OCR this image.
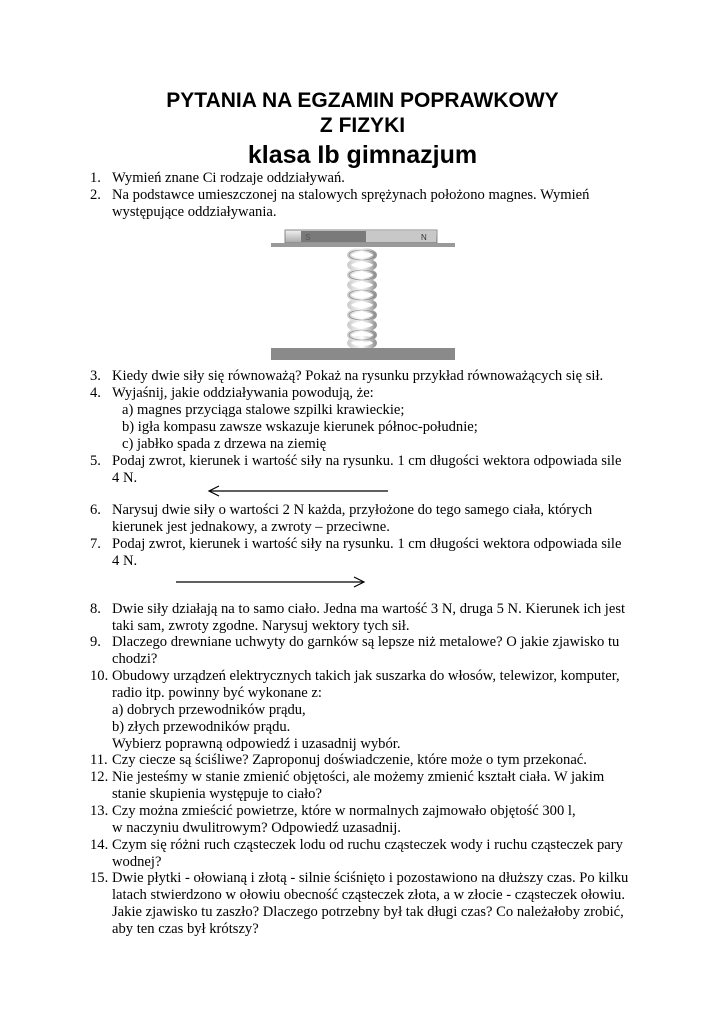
PYTANIA NA EGZAMIN POPRAWKOWY
Z FIZYKI
klasa Ib gimnazjum
1. Wymień znane Ci rodzaje oddziaływań.
2. Na podstawce umieszczonej na stalowych sprężynach położono magnes. Wymień
występujące oddziaływania.
S	N
3. Kiedy dwie siły się równoważą? Pokaż na rysunku przykład równoważących się sił.
4. Wyjaśnij, jakie oddziaływania powodują, że:
a) magnes przyciąga stalowe szpilki krawieckie;
b) igła kompasu zawsze wskazuje kierunek północ-południe;
c) jabłko spada z drzewa na ziemię
5. Podaj zwrot, kierunek i wartość siły na rysunku. 1 cm długości wektora odpowiada sile
4 N.
6. Narysuj dwie siły o wartości 2 N każda, przyłożone do tego samego ciała, których
kierunek jest jednakowy, a zwroty – przeciwne.
7. Podaj zwrot, kierunek i wartość siły na rysunku. 1 cm długości wektora odpowiada sile
4 N.
8. Dwie siły działają na to samo ciało. Jedna ma wartość 3 N, druga 5 N. Kierunek ich jest
taki sam, zwroty zgodne. Narysuj wektory tych sił.
9. Dlaczego drewniane uchwyty do garnków są lepsze niż metalowe? O jakie zjawisko tu
chodzi?
10. Obudowy urządzeń elektrycznych takich jak suszarka do włosów, telewizor, komputer,
radio itp. powinny być wykonane z:
a) dobrych przewodników prądu,
b) złych przewodników prądu.
Wybierz poprawną odpowiedź i uzasadnij wybór.
11. Czy ciecze są ściśliwe? Zaproponuj doświadczenie, które może o tym przekonać.
12. Nie jesteśmy w stanie zmienić objętości, ale możemy zmienić kształt ciała. W jakim
stanie skupienia występuje to ciało?
13. Czy można zmieścić powietrze, które w normalnych zajmowało objętość 300 l,
w naczyniu dwulitrowym? Odpowiedź uzasadnij.
14. Czym się różni ruch cząsteczek lodu od ruchu cząsteczek wody i ruchu cząsteczek pary
wodnej?
15. Dwie płytki - ołowianą i złotą - silnie ściśnięto i pozostawiono na dłuższy czas. Po kilku
latach stwierdzono w ołowiu obecność cząsteczek złota, a w złocie - cząsteczek ołowiu.
Jakie zjawisko tu zaszło? Dlaczego potrzebny był tak długi czas? Co należałoby zrobić,
aby ten czas był krótszy?
